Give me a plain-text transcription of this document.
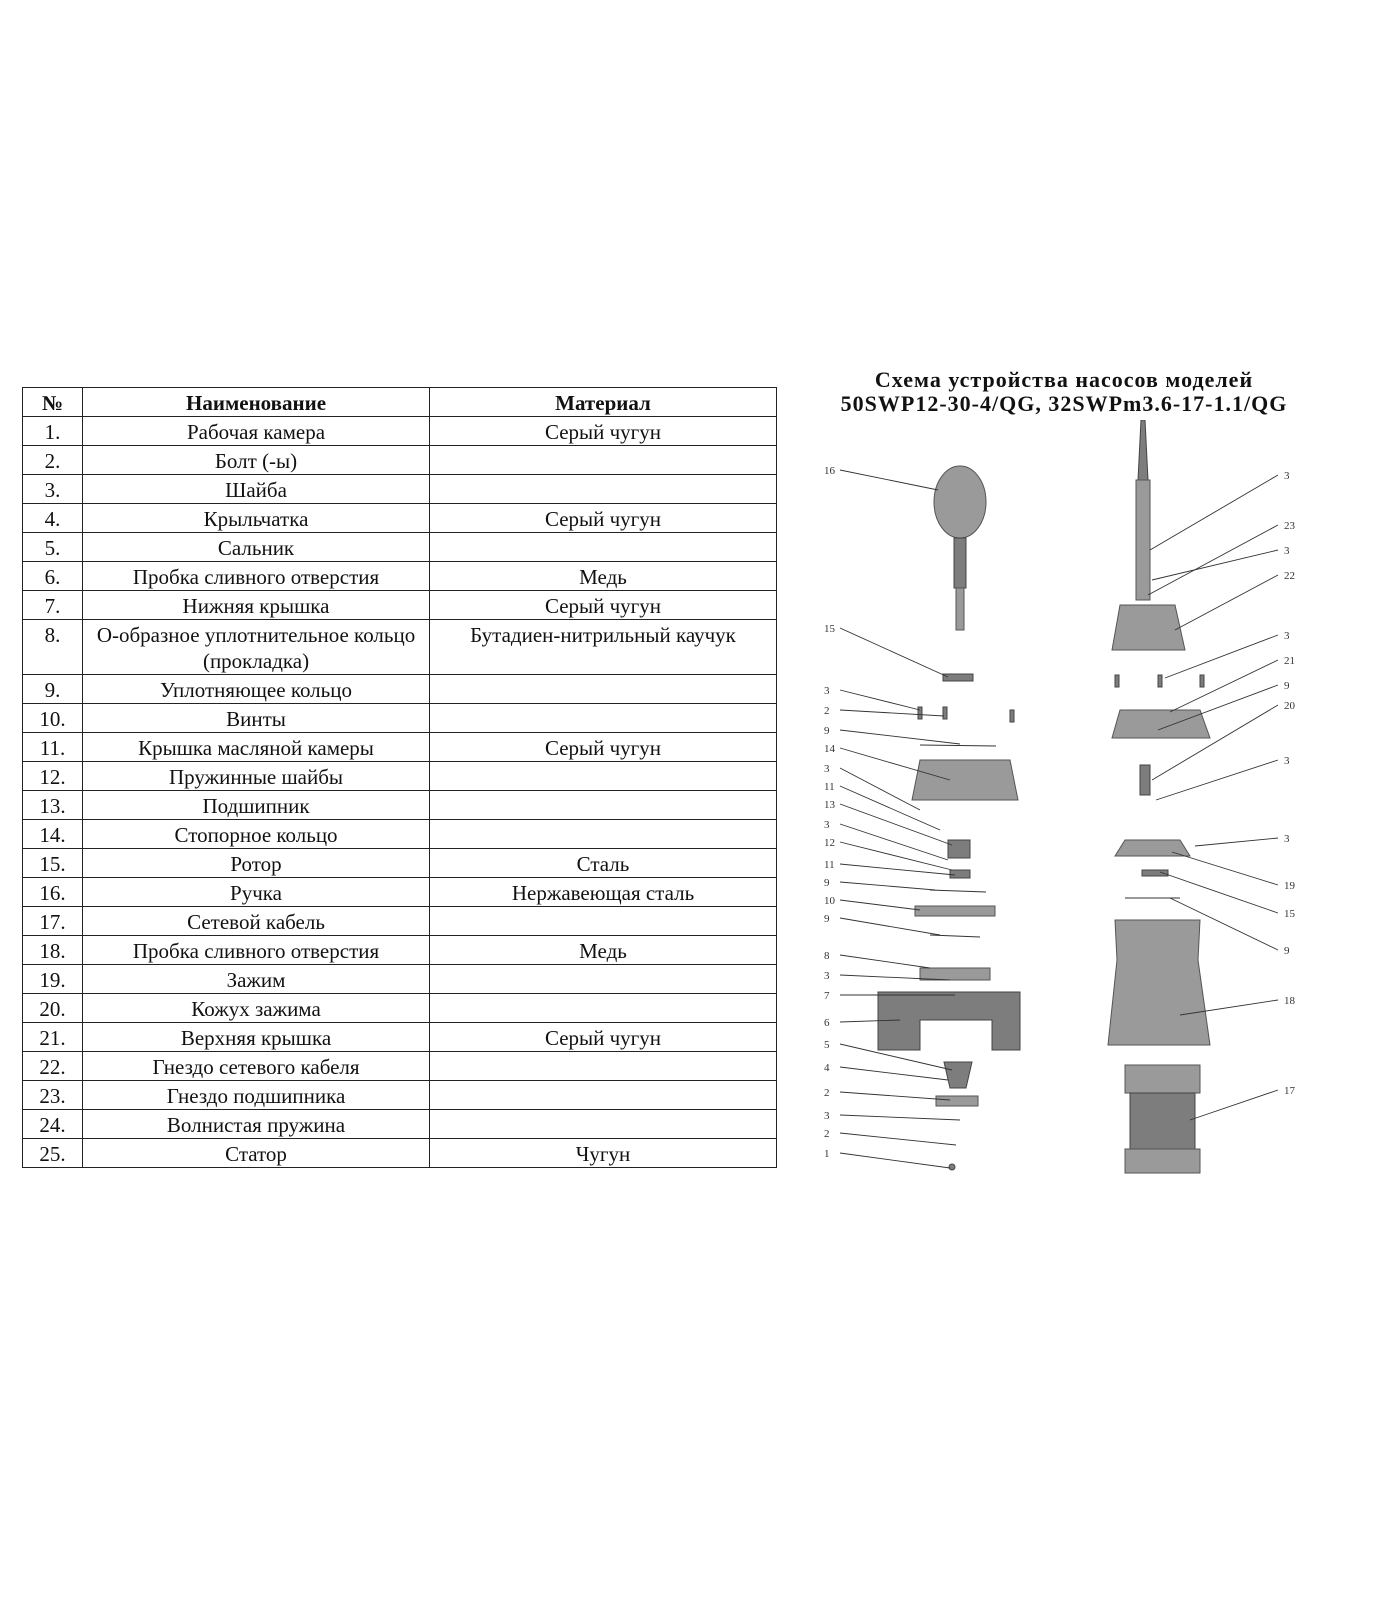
№	Наименование	Материал
1.	Рабочая камера	Серый чугун
2.	Болт (-ы)	
3.	Шайба	
4.	Крыльчатка	Серый чугун
5.	Сальник	
6.	Пробка сливного отверстия	Медь
7.	Нижняя крышка	Серый чугун
8.	О-образное уплотнительное кольцо (прокладка)	Бутадиен-нитрильный каучук
9.	Уплотняющее кольцо	
10.	Винты	
11.	Крышка масляной камеры	Серый чугун
12.	Пружинные шайбы	
13.	Подшипник	
14.	Стопорное кольцо	
15.	Ротор	Сталь
16.	Ручка	Нержавеющая сталь
17.	Сетевой кабель	
18.	Пробка сливного отверстия	Медь
19.	Зажим	
20.	Кожух зажима	
21.	Верхняя крышка	Серый чугун
22.	Гнездо сетевого кабеля	
23.	Гнездо подшипника	
24.	Волнистая пружина	
25.	Статор	Чугун
Схема устройства насосов моделей
50SWP12-30-4/QG, 32SWPm3.6-17-1.1/QG
16
15
3
2
9
14
3
11
13
3
12
11
9
10
9
8
3
7
6
5
4
2
3
2
1
3
23
3
22
3
21
9
20
3
3
19
15
9
18
17
